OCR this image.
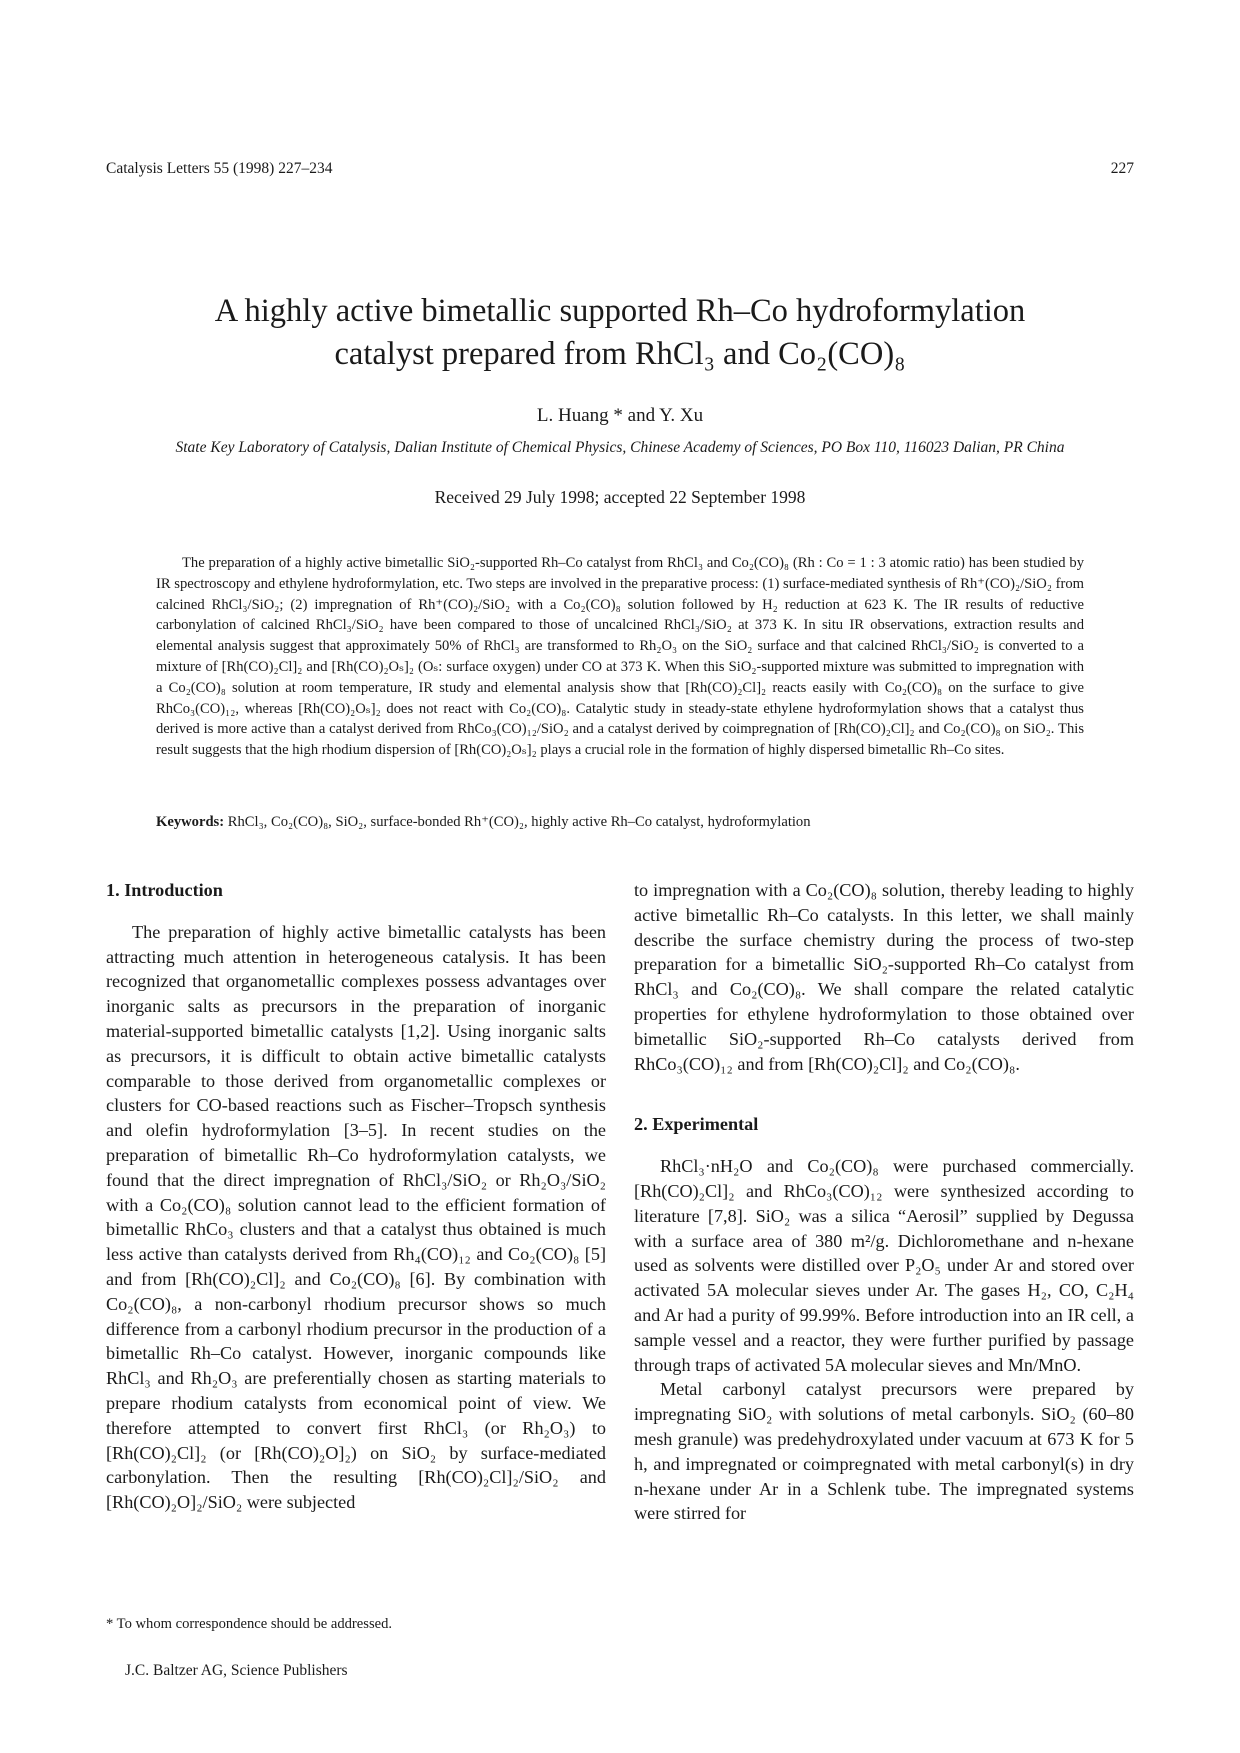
Catalysis Letters 55 (1998) 227–234	227
A highly active bimetallic supported Rh–Co hydroformylation
catalyst prepared from RhCl₃ and Co₂(CO)₈
L. Huang * and Y. Xu
State Key Laboratory of Catalysis, Dalian Institute of Chemical Physics, Chinese Academy of Sciences, PO Box 110, 116023 Dalian, PR China
Received 29 July 1998; accepted 22 September 1998

The preparation of a highly active bimetallic SiO₂-supported Rh–Co catalyst from RhCl₃ and Co₂(CO)₈ (Rh : Co = 1 : 3 atomic ratio) has been studied by IR spectroscopy and ethylene hydroformylation, etc. Two steps are involved in the preparative process: (1) surface-mediated synthesis of Rh⁺(CO)₂/SiO₂ from calcined RhCl₃/SiO₂; (2) impregnation of Rh⁺(CO)₂/SiO₂ with a Co₂(CO)₈ solution followed by H₂ reduction at 623 K. The IR results of reductive carbonylation of calcined RhCl₃/SiO₂ have been compared to those of uncalcined RhCl₃/SiO₂ at 373 K. In situ IR observations, extraction results and elemental analysis suggest that approximately 50% of RhCl₃ are transformed to Rh₂O₃ on the SiO₂ surface and that calcined RhCl₃/SiO₂ is converted to a mixture of [Rh(CO)₂Cl]₂ and [Rh(CO)₂Oₛ]₂ (Oₛ: surface oxygen) under CO at 373 K. When this SiO₂-supported mixture was submitted to impregnation with a Co₂(CO)₈ solution at room temperature, IR study and elemental analysis show that [Rh(CO)₂Cl]₂ reacts easily with Co₂(CO)₈ on the surface to give RhCo₃(CO)₁₂, whereas [Rh(CO)₂Oₛ]₂ does not react with Co₂(CO)₈. Catalytic study in steady-state ethylene hydroformylation shows that a catalyst thus derived is more active than a catalyst derived from RhCo₃(CO)₁₂/SiO₂ and a catalyst derived by coimpregnation of [Rh(CO)₂Cl]₂ and Co₂(CO)₈ on SiO₂. This result suggests that the high rhodium dispersion of [Rh(CO)₂Oₛ]₂ plays a crucial role in the formation of highly dispersed bimetallic Rh–Co sites.

Keywords: RhCl₃, Co₂(CO)₈, SiO₂, surface-bonded Rh⁺(CO)₂, highly active Rh–Co catalyst, hydroformylation
1. Introduction

The preparation of highly active bimetallic catalysts has been attracting much attention in heterogeneous catalysis. It has been recognized that organometallic complexes possess advantages over inorganic salts as precursors in the preparation of inorganic material-supported bimetallic catalysts [1,2]. Using inorganic salts as precursors, it is difficult to obtain active bimetallic catalysts comparable to those derived from organometallic complexes or clusters for CO-based reactions such as Fischer–Tropsch synthesis and olefin hydroformylation [3–5]. In recent studies on the preparation of bimetallic Rh–Co hydroformylation catalysts, we found that the direct impregnation of RhCl₃/SiO₂ or Rh₂O₃/SiO₂ with a Co₂(CO)₈ solution cannot lead to the efficient formation of bimetallic RhCo₃ clusters and that a catalyst thus obtained is much less active than catalysts derived from Rh₄(CO)₁₂ and Co₂(CO)₈ [5] and from [Rh(CO)₂Cl]₂ and Co₂(CO)₈ [6]. By combination with Co₂(CO)₈, a non-carbonyl rhodium precursor shows so much difference from a carbonyl rhodium precursor in the production of a bimetallic Rh–Co catalyst. However, inorganic compounds like RhCl₃ and Rh₂O₃ are preferentially chosen as starting materials to prepare rhodium catalysts from economical point of view. We therefore attempted to convert first RhCl₃ (or Rh₂O₃) to [Rh(CO)₂Cl]₂ (or [Rh(CO)₂O]₂) on SiO₂ by surface-mediated carbonylation. Then the resulting [Rh(CO)₂Cl]₂/SiO₂ and [Rh(CO)₂O]₂/SiO₂ were subjected

to impregnation with a Co₂(CO)₈ solution, thereby leading to highly active bimetallic Rh–Co catalysts. In this letter, we shall mainly describe the surface chemistry during the process of two-step preparation for a bimetallic SiO₂-supported Rh–Co catalyst from RhCl₃ and Co₂(CO)₈. We shall compare the related catalytic properties for ethylene hydroformylation to those obtained over bimetallic SiO₂-supported Rh–Co catalysts derived from RhCo₃(CO)₁₂ and from [Rh(CO)₂Cl]₂ and Co₂(CO)₈.

2. Experimental

RhCl₃·nH₂O and Co₂(CO)₈ were purchased commercially. [Rh(CO)₂Cl]₂ and RhCo₃(CO)₁₂ were synthesized according to literature [7,8]. SiO₂ was a silica “Aerosil” supplied by Degussa with a surface area of 380 m²/g. Dichloromethane and n-hexane used as solvents were distilled over P₂O₅ under Ar and stored over activated 5A molecular sieves under Ar. The gases H₂, CO, C₂H₄ and Ar had a purity of 99.99%. Before introduction into an IR cell, a sample vessel and a reactor, they were further purified by passage through traps of activated 5A molecular sieves and Mn/MnO.

Metal carbonyl catalyst precursors were prepared by impregnating SiO₂ with solutions of metal carbonyls. SiO₂ (60–80 mesh granule) was predehydroxylated under vacuum at 673 K for 5 h, and impregnated or coimpregnated with metal carbonyl(s) in dry n-hexane under Ar in a Schlenk tube. The impregnated systems were stirred for

* To whom correspondence should be addressed.
J.C. Baltzer AG, Science Publishers
